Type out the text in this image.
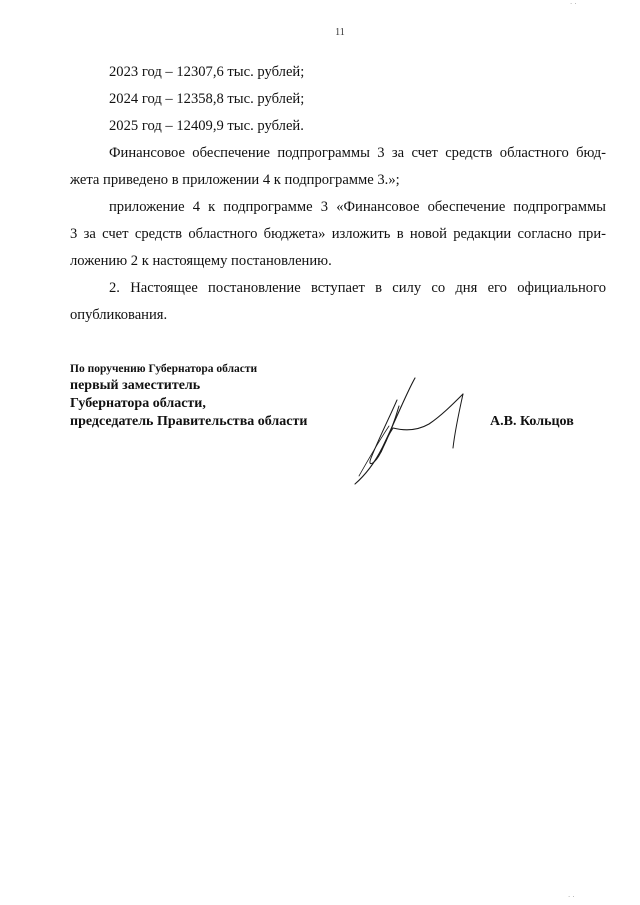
11
2023 год – 12307,6 тыс. рублей;
2024 год – 12358,8 тыс. рублей;
2025 год – 12409,9 тыс. рублей.
Финансовое обеспечение подпрограммы 3 за счет средств областного бюд-
жета приведено в приложении 4 к подпрограмме 3.»;
приложение 4 к подпрограмме 3 «Финансовое обеспечение подпрограммы
3 за счет средств областного бюджета» изложить в новой редакции согласно при-
ложению 2 к настоящему постановлению.
2. Настоящее постановление вступает в силу со дня его официального
опубликования.
По поручению Губернатора области
первый заместитель
Губернатора области,
председатель Правительства области	А.В. Кольцов
· ·
· ·
